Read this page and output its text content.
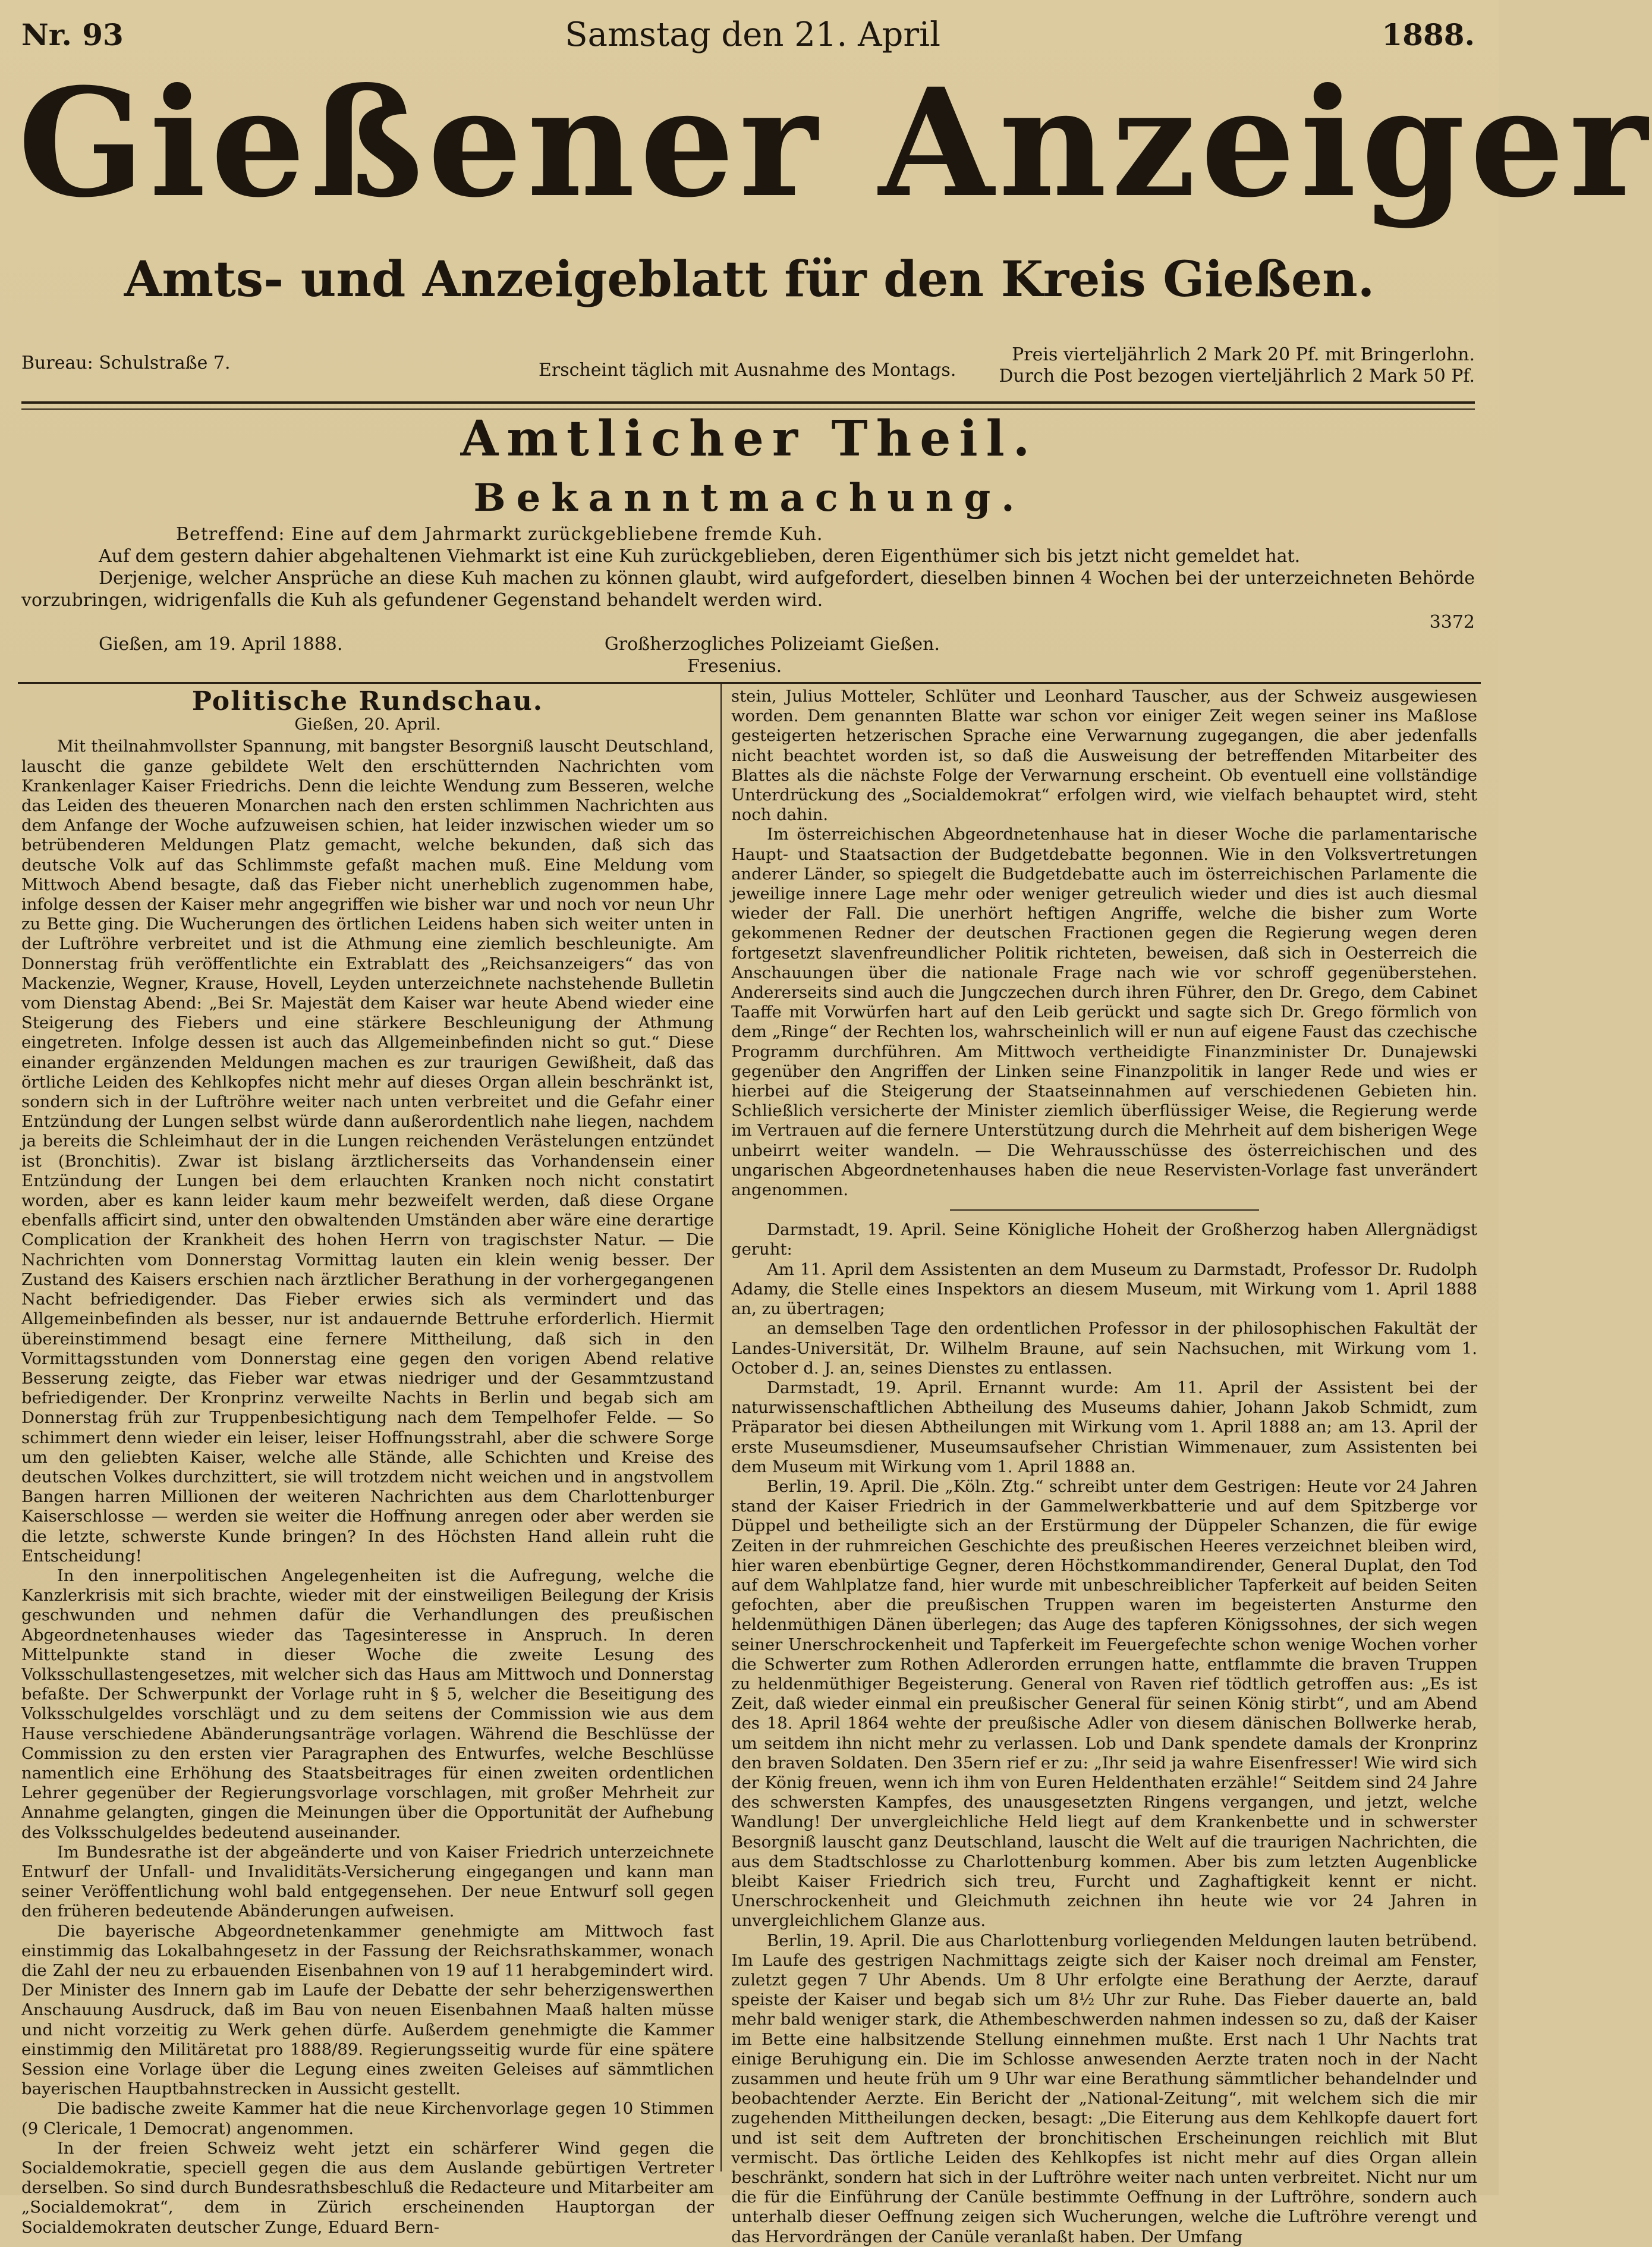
Nr. 93	Samstag den 21. April	1888.
Gießener Anzeiger
Amts- und Anzeigeblatt für den Kreis Gießen.
Bureau: Schulstraße 7.	Erscheint täglich mit Ausnahme des Montags.
Preis vierteljährlich 2 Mark 20 Pf. mit Bringerlohn.
Durch die Post bezogen vierteljährlich 2 Mark 50 Pf.
Amtlicher Theil.
Bekanntmachung.

Betreffend: Eine auf dem Jahrmarkt zurückgebliebene fremde Kuh.

Auf dem gestern dahier abgehaltenen Viehmarkt ist eine Kuh zurückgeblieben, deren Eigenthümer sich bis jetzt nicht gemeldet hat.

Derjenige, welcher Ansprüche an diese Kuh machen zu können glaubt, wird aufgefordert, dieselben binnen 4 Wochen bei der unterzeichneten Behörde vorzubringen, widrigenfalls die Kuh als gefundener Gegenstand behandelt werden wird.

3372

Gießen, am 19. April 1888.	Großherzogliches Polizeiamt Gießen.

Fresenius.

Politische Rundschau.
Gießen, 20. April.

Mit theilnahmvollster Spannung, mit bangster Besorgniß lauscht Deutschland, lauscht die ganze gebildete Welt den erschütternden Nachrichten vom Krankenlager Kaiser Friedrichs. Denn die leichte Wendung zum Besseren, welche das Leiden des theueren Monarchen nach den ersten schlimmen Nachrichten aus dem Anfange der Woche aufzuweisen schien, hat leider inzwischen wieder um so betrübenderen Meldungen Platz gemacht, welche bekunden, daß sich das deutsche Volk auf das Schlimmste gefaßt machen muß. Eine Meldung vom Mittwoch Abend besagte, daß das Fieber nicht unerheblich zugenommen habe, infolge dessen der Kaiser mehr angegriffen wie bisher war und noch vor neun Uhr zu Bette ging. Die Wucherungen des örtlichen Leidens haben sich weiter unten in der Luftröhre verbreitet und ist die Athmung eine ziemlich beschleunigte. Am Donnerstag früh veröffentlichte ein Extrablatt des „Reichsanzeigers“ das von Mackenzie, Wegner, Krause, Hovell, Leyden unterzeichnete nachstehende Bulletin vom Dienstag Abend: „Bei Sr. Majestät dem Kaiser war heute Abend wieder eine Steigerung des Fiebers und eine stärkere Beschleunigung der Athmung eingetreten. Infolge dessen ist auch das Allgemeinbefinden nicht so gut.“ Diese einander ergänzenden Meldungen machen es zur traurigen Gewißheit, daß das örtliche Leiden des Kehlkopfes nicht mehr auf dieses Organ allein beschränkt ist, sondern sich in der Luftröhre weiter nach unten verbreitet und die Gefahr einer Entzündung der Lungen selbst würde dann außerordentlich nahe liegen, nachdem ja bereits die Schleimhaut der in die Lungen reichenden Verästelungen entzündet ist (Bronchitis). Zwar ist bislang ärztlicherseits das Vorhandensein einer Entzündung der Lungen bei dem erlauchten Kranken noch nicht constatirt worden, aber es kann leider kaum mehr bezweifelt werden, daß diese Organe ebenfalls afficirt sind, unter den obwaltenden Umständen aber wäre eine derartige Complication der Krankheit des hohen Herrn von tragischster Natur. — Die Nachrichten vom Donnerstag Vormittag lauten ein klein wenig besser. Der Zustand des Kaisers erschien nach ärztlicher Berathung in der vorhergegangenen Nacht befriedigender. Das Fieber erwies sich als vermindert und das Allgemeinbefinden als besser, nur ist andauernde Bettruhe erforderlich. Hiermit übereinstimmend besagt eine fernere Mittheilung, daß sich in den Vormittagsstunden vom Donnerstag eine gegen den vorigen Abend relative Besserung zeigte, das Fieber war etwas niedriger und der Gesammtzustand befriedigender. Der Kronprinz verweilte Nachts in Berlin und begab sich am Donnerstag früh zur Truppenbesichtigung nach dem Tempelhofer Felde. — So schimmert denn wieder ein leiser, leiser Hoffnungsstrahl, aber die schwere Sorge um den geliebten Kaiser, welche alle Stände, alle Schichten und Kreise des deutschen Volkes durchzittert, sie will trotzdem nicht weichen und in angstvollem Bangen harren Millionen der weiteren Nachrichten aus dem Charlottenburger Kaiserschlosse — werden sie weiter die Hoffnung anregen oder aber werden sie die letzte, schwerste Kunde bringen? In des Höchsten Hand allein ruht die Entscheidung!

In den innerpolitischen Angelegenheiten ist die Aufregung, welche die Kanzlerkrisis mit sich brachte, wieder mit der einstweiligen Beilegung der Krisis geschwunden und nehmen dafür die Verhandlungen des preußischen Abgeordnetenhauses wieder das Tagesinteresse in Anspruch. In deren Mittelpunkte stand in dieser Woche die zweite Lesung des Volksschullastengesetzes, mit welcher sich das Haus am Mittwoch und Donnerstag befaßte. Der Schwerpunkt der Vorlage ruht in § 5, welcher die Beseitigung des Volksschulgeldes vorschlägt und zu dem seitens der Commission wie aus dem Hause verschiedene Abänderungsanträge vorlagen. Während die Beschlüsse der Commission zu den ersten vier Paragraphen des Entwurfes, welche Beschlüsse namentlich eine Erhöhung des Staatsbeitrages für einen zweiten ordentlichen Lehrer gegenüber der Regierungsvorlage vorschlagen, mit großer Mehrheit zur Annahme gelangten, gingen die Meinungen über die Opportunität der Aufhebung des Volksschulgeldes bedeutend auseinander.

Im Bundesrathe ist der abgeänderte und von Kaiser Friedrich unterzeichnete Entwurf der Unfall- und Invaliditäts-Versicherung eingegangen und kann man seiner Veröffentlichung wohl bald entgegensehen. Der neue Entwurf soll gegen den früheren bedeutende Abänderungen aufweisen.

Die bayerische Abgeordnetenkammer genehmigte am Mittwoch fast einstimmig das Lokalbahngesetz in der Fassung der Reichsrathskammer, wonach die Zahl der neu zu erbauenden Eisenbahnen von 19 auf 11 herabgemindert wird. Der Minister des Innern gab im Laufe der Debatte der sehr beherzigenswerthen Anschauung Ausdruck, daß im Bau von neuen Eisenbahnen Maaß halten müsse und nicht vorzeitig zu Werk gehen dürfe. Außerdem genehmigte die Kammer einstimmig den Militäretat pro 1888/89. Regierungsseitig wurde für eine spätere Session eine Vorlage über die Legung eines zweiten Geleises auf sämmtlichen bayerischen Hauptbahnstrecken in Aussicht gestellt.

Die badische zweite Kammer hat die neue Kirchenvorlage gegen 10 Stimmen (9 Clericale, 1 Democrat) angenommen.

In der freien Schweiz weht jetzt ein schärferer Wind gegen die Socialdemokratie, speciell gegen die aus dem Auslande gebürtigen Vertreter derselben. So sind durch Bundesrathsbeschluß die Redacteure und Mitarbeiter am „Socialdemokrat“, dem in Zürich erscheinenden Hauptorgan der Socialdemokraten deutscher Zunge, Eduard Bern-

stein, Julius Motteler, Schlüter und Leonhard Tauscher, aus der Schweiz ausgewiesen worden. Dem genannten Blatte war schon vor einiger Zeit wegen seiner ins Maßlose gesteigerten hetzerischen Sprache eine Verwarnung zugegangen, die aber jedenfalls nicht beachtet worden ist, so daß die Ausweisung der betreffenden Mitarbeiter des Blattes als die nächste Folge der Verwarnung erscheint. Ob eventuell eine vollständige Unterdrückung des „Socialdemokrat“ erfolgen wird, wie vielfach behauptet wird, steht noch dahin.

Im österreichischen Abgeordnetenhause hat in dieser Woche die parlamentarische Haupt- und Staatsaction der Budgetdebatte begonnen. Wie in den Volksvertretungen anderer Länder, so spiegelt die Budgetdebatte auch im österreichischen Parlamente die jeweilige innere Lage mehr oder weniger getreulich wieder und dies ist auch diesmal wieder der Fall. Die unerhört heftigen Angriffe, welche die bisher zum Worte gekommenen Redner der deutschen Fractionen gegen die Regierung wegen deren fortgesetzt slavenfreundlicher Politik richteten, beweisen, daß sich in Oesterreich die Anschauungen über die nationale Frage nach wie vor schroff gegenüberstehen. Andererseits sind auch die Jungczechen durch ihren Führer, den Dr. Grego, dem Cabinet Taaffe mit Vorwürfen hart auf den Leib gerückt und sagte sich Dr. Grego förmlich von dem „Ringe“ der Rechten los, wahrscheinlich will er nun auf eigene Faust das czechische Programm durchführen. Am Mittwoch vertheidigte Finanzminister Dr. Dunajewski gegenüber den Angriffen der Linken seine Finanzpolitik in langer Rede und wies er hierbei auf die Steigerung der Staatseinnahmen auf verschiedenen Gebieten hin. Schließlich versicherte der Minister ziemlich überflüssiger Weise, die Regierung werde im Vertrauen auf die fernere Unterstützung durch die Mehrheit auf dem bisherigen Wege unbeirrt weiter wandeln. — Die Wehrausschüsse des österreichischen und des ungarischen Abgeordnetenhauses haben die neue Reservisten-Vorlage fast unverändert angenommen.

Darmstadt, 19. April. Seine Königliche Hoheit der Großherzog haben Allergnädigst geruht:

Am 11. April dem Assistenten an dem Museum zu Darmstadt, Professor Dr. Rudolph Adamy, die Stelle eines Inspektors an diesem Museum, mit Wirkung vom 1. April 1888 an, zu übertragen;

an demselben Tage den ordentlichen Professor in der philosophischen Fakultät der Landes-Universität, Dr. Wilhelm Braune, auf sein Nachsuchen, mit Wirkung vom 1. October d. J. an, seines Dienstes zu entlassen.

Darmstadt, 19. April. Ernannt wurde: Am 11. April der Assistent bei der naturwissenschaftlichen Abtheilung des Museums dahier, Johann Jakob Schmidt, zum Präparator bei diesen Abtheilungen mit Wirkung vom 1. April 1888 an; am 13. April der erste Museumsdiener, Museumsaufseher Christian Wimmenauer, zum Assistenten bei dem Museum mit Wirkung vom 1. April 1888 an.

Berlin, 19. April. Die „Köln. Ztg.“ schreibt unter dem Gestrigen: Heute vor 24 Jahren stand der Kaiser Friedrich in der Gammelwerkbatterie und auf dem Spitzberge vor Düppel und betheiligte sich an der Erstürmung der Düppeler Schanzen, die für ewige Zeiten in der ruhmreichen Geschichte des preußischen Heeres verzeichnet bleiben wird, hier waren ebenbürtige Gegner, deren Höchstkommandirender, General Duplat, den Tod auf dem Wahlplatze fand, hier wurde mit unbeschreiblicher Tapferkeit auf beiden Seiten gefochten, aber die preußischen Truppen waren im begeisterten Ansturme den heldenmüthigen Dänen überlegen; das Auge des tapferen Königssohnes, der sich wegen seiner Unerschrockenheit und Tapferkeit im Feuergefechte schon wenige Wochen vorher die Schwerter zum Rothen Adlerorden errungen hatte, entflammte die braven Truppen zu heldenmüthiger Begeisterung. General von Raven rief tödtlich getroffen aus: „Es ist Zeit, daß wieder einmal ein preußischer General für seinen König stirbt“, und am Abend des 18. April 1864 wehte der preußische Adler von diesem dänischen Bollwerke herab, um seitdem ihn nicht mehr zu verlassen. Lob und Dank spendete damals der Kronprinz den braven Soldaten. Den 35ern rief er zu: „Ihr seid ja wahre Eisenfresser! Wie wird sich der König freuen, wenn ich ihm von Euren Heldenthaten erzähle!“ Seitdem sind 24 Jahre des schwersten Kampfes, des unausgesetzten Ringens vergangen, und jetzt, welche Wandlung! Der unvergleichliche Held liegt auf dem Krankenbette und in schwerster Besorgniß lauscht ganz Deutschland, lauscht die Welt auf die traurigen Nachrichten, die aus dem Stadtschlosse zu Charlottenburg kommen. Aber bis zum letzten Augenblicke bleibt Kaiser Friedrich sich treu, Furcht und Zaghaftigkeit kennt er nicht. Unerschrockenheit und Gleichmuth zeichnen ihn heute wie vor 24 Jahren in unvergleichlichem Glanze aus.

Berlin, 19. April. Die aus Charlottenburg vorliegenden Meldungen lauten betrübend. Im Laufe des gestrigen Nachmittags zeigte sich der Kaiser noch dreimal am Fenster, zuletzt gegen 7 Uhr Abends. Um 8 Uhr erfolgte eine Berathung der Aerzte, darauf speiste der Kaiser und begab sich um 8½ Uhr zur Ruhe. Das Fieber dauerte an, bald mehr bald weniger stark, die Athembeschwerden nahmen indessen so zu, daß der Kaiser im Bette eine halbsitzende Stellung einnehmen mußte. Erst nach 1 Uhr Nachts trat einige Beruhigung ein. Die im Schlosse anwesenden Aerzte traten noch in der Nacht zusammen und heute früh um 9 Uhr war eine Berathung sämmtlicher behandelnder und beobachtender Aerzte. Ein Bericht der „National-Zeitung“, mit welchem sich die mir zugehenden Mittheilungen decken, besagt: „Die Eiterung aus dem Kehlkopfe dauert fort und ist seit dem Auftreten der bronchitischen Erscheinungen reichlich mit Blut vermischt. Das örtliche Leiden des Kehlkopfes ist nicht mehr auf dies Organ allein beschränkt, sondern hat sich in der Luftröhre weiter nach unten verbreitet. Nicht nur um die für die Einführung der Canüle bestimmte Oeffnung in der Luftröhre, sondern auch unterhalb dieser Oeffnung zeigen sich Wucherungen, welche die Luftröhre verengt und das Hervordrängen der Canüle veranlaßt haben. Der Umfang
